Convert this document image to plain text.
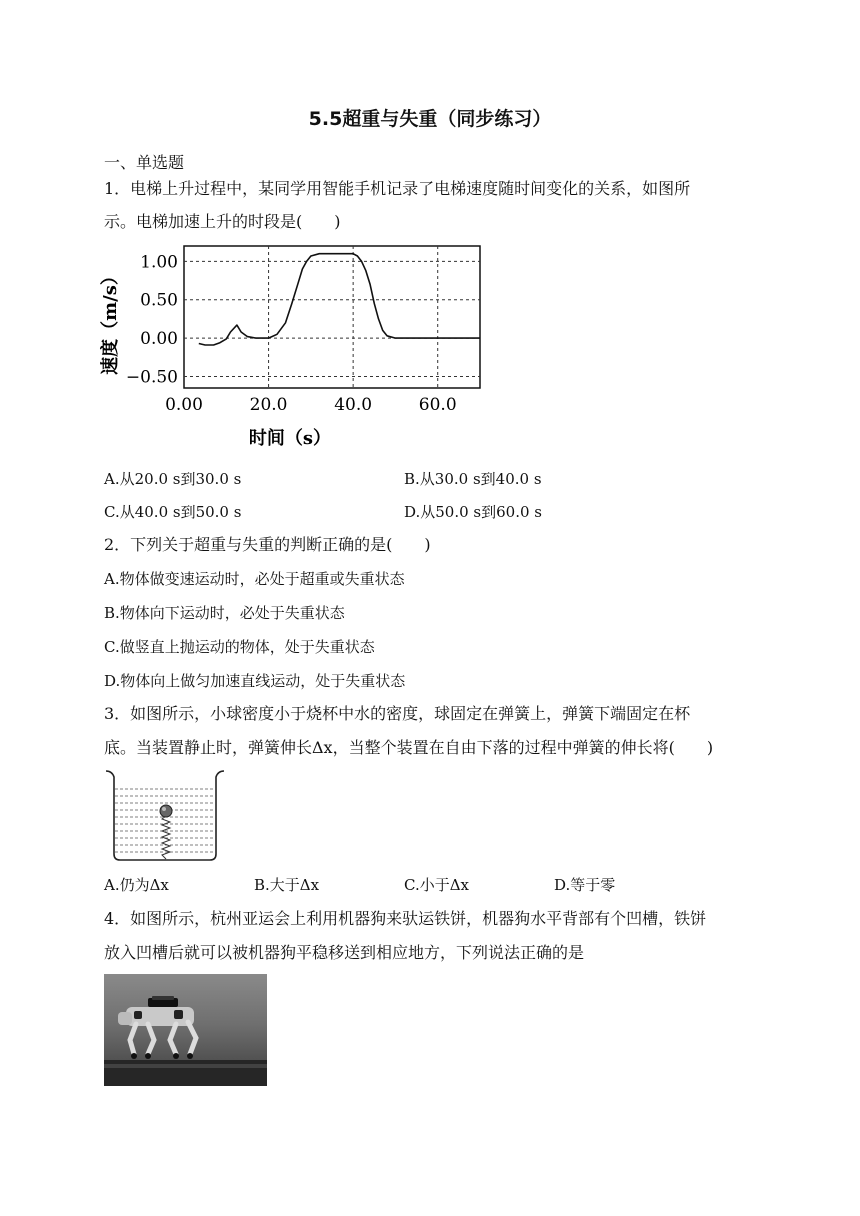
5.5超重与失重（同步练习）
一、单选题
1．电梯上升过程中，某同学用智能手机记录了电梯速度随时间变化的关系，如图所
示。电梯加速上升的时段是(　　)
0.00	20.0	40.0	60.0
1.00
0.50
0.00
−0.50
时间（s）
速度（m/s）
A.从20.0 s到30.0 s	B.从30.0 s到40.0 s
C.从40.0 s到50.0 s	D.从50.0 s到60.0 s
2．下列关于超重与失重的判断正确的是(　　)
A.物体做变速运动时，必处于超重或失重状态
B.物体向下运动时，必处于失重状态
C.做竖直上抛运动的物体，处于失重状态
D.物体向上做匀加速直线运动，处于失重状态
3．如图所示，小球密度小于烧杯中水的密度，球固定在弹簧上，弹簧下端固定在杯
底。当装置静止时，弹簧伸长Δx，当整个装置在自由下落的过程中弹簧的伸长将(　　)
A.仍为Δx	B.大于Δx	C.小于Δx	D.等于零
4．如图所示，杭州亚运会上利用机器狗来驮运铁饼，机器狗水平背部有个凹槽，铁饼
放入凹槽后就可以被机器狗平稳移送到相应地方，下列说法正确的是
